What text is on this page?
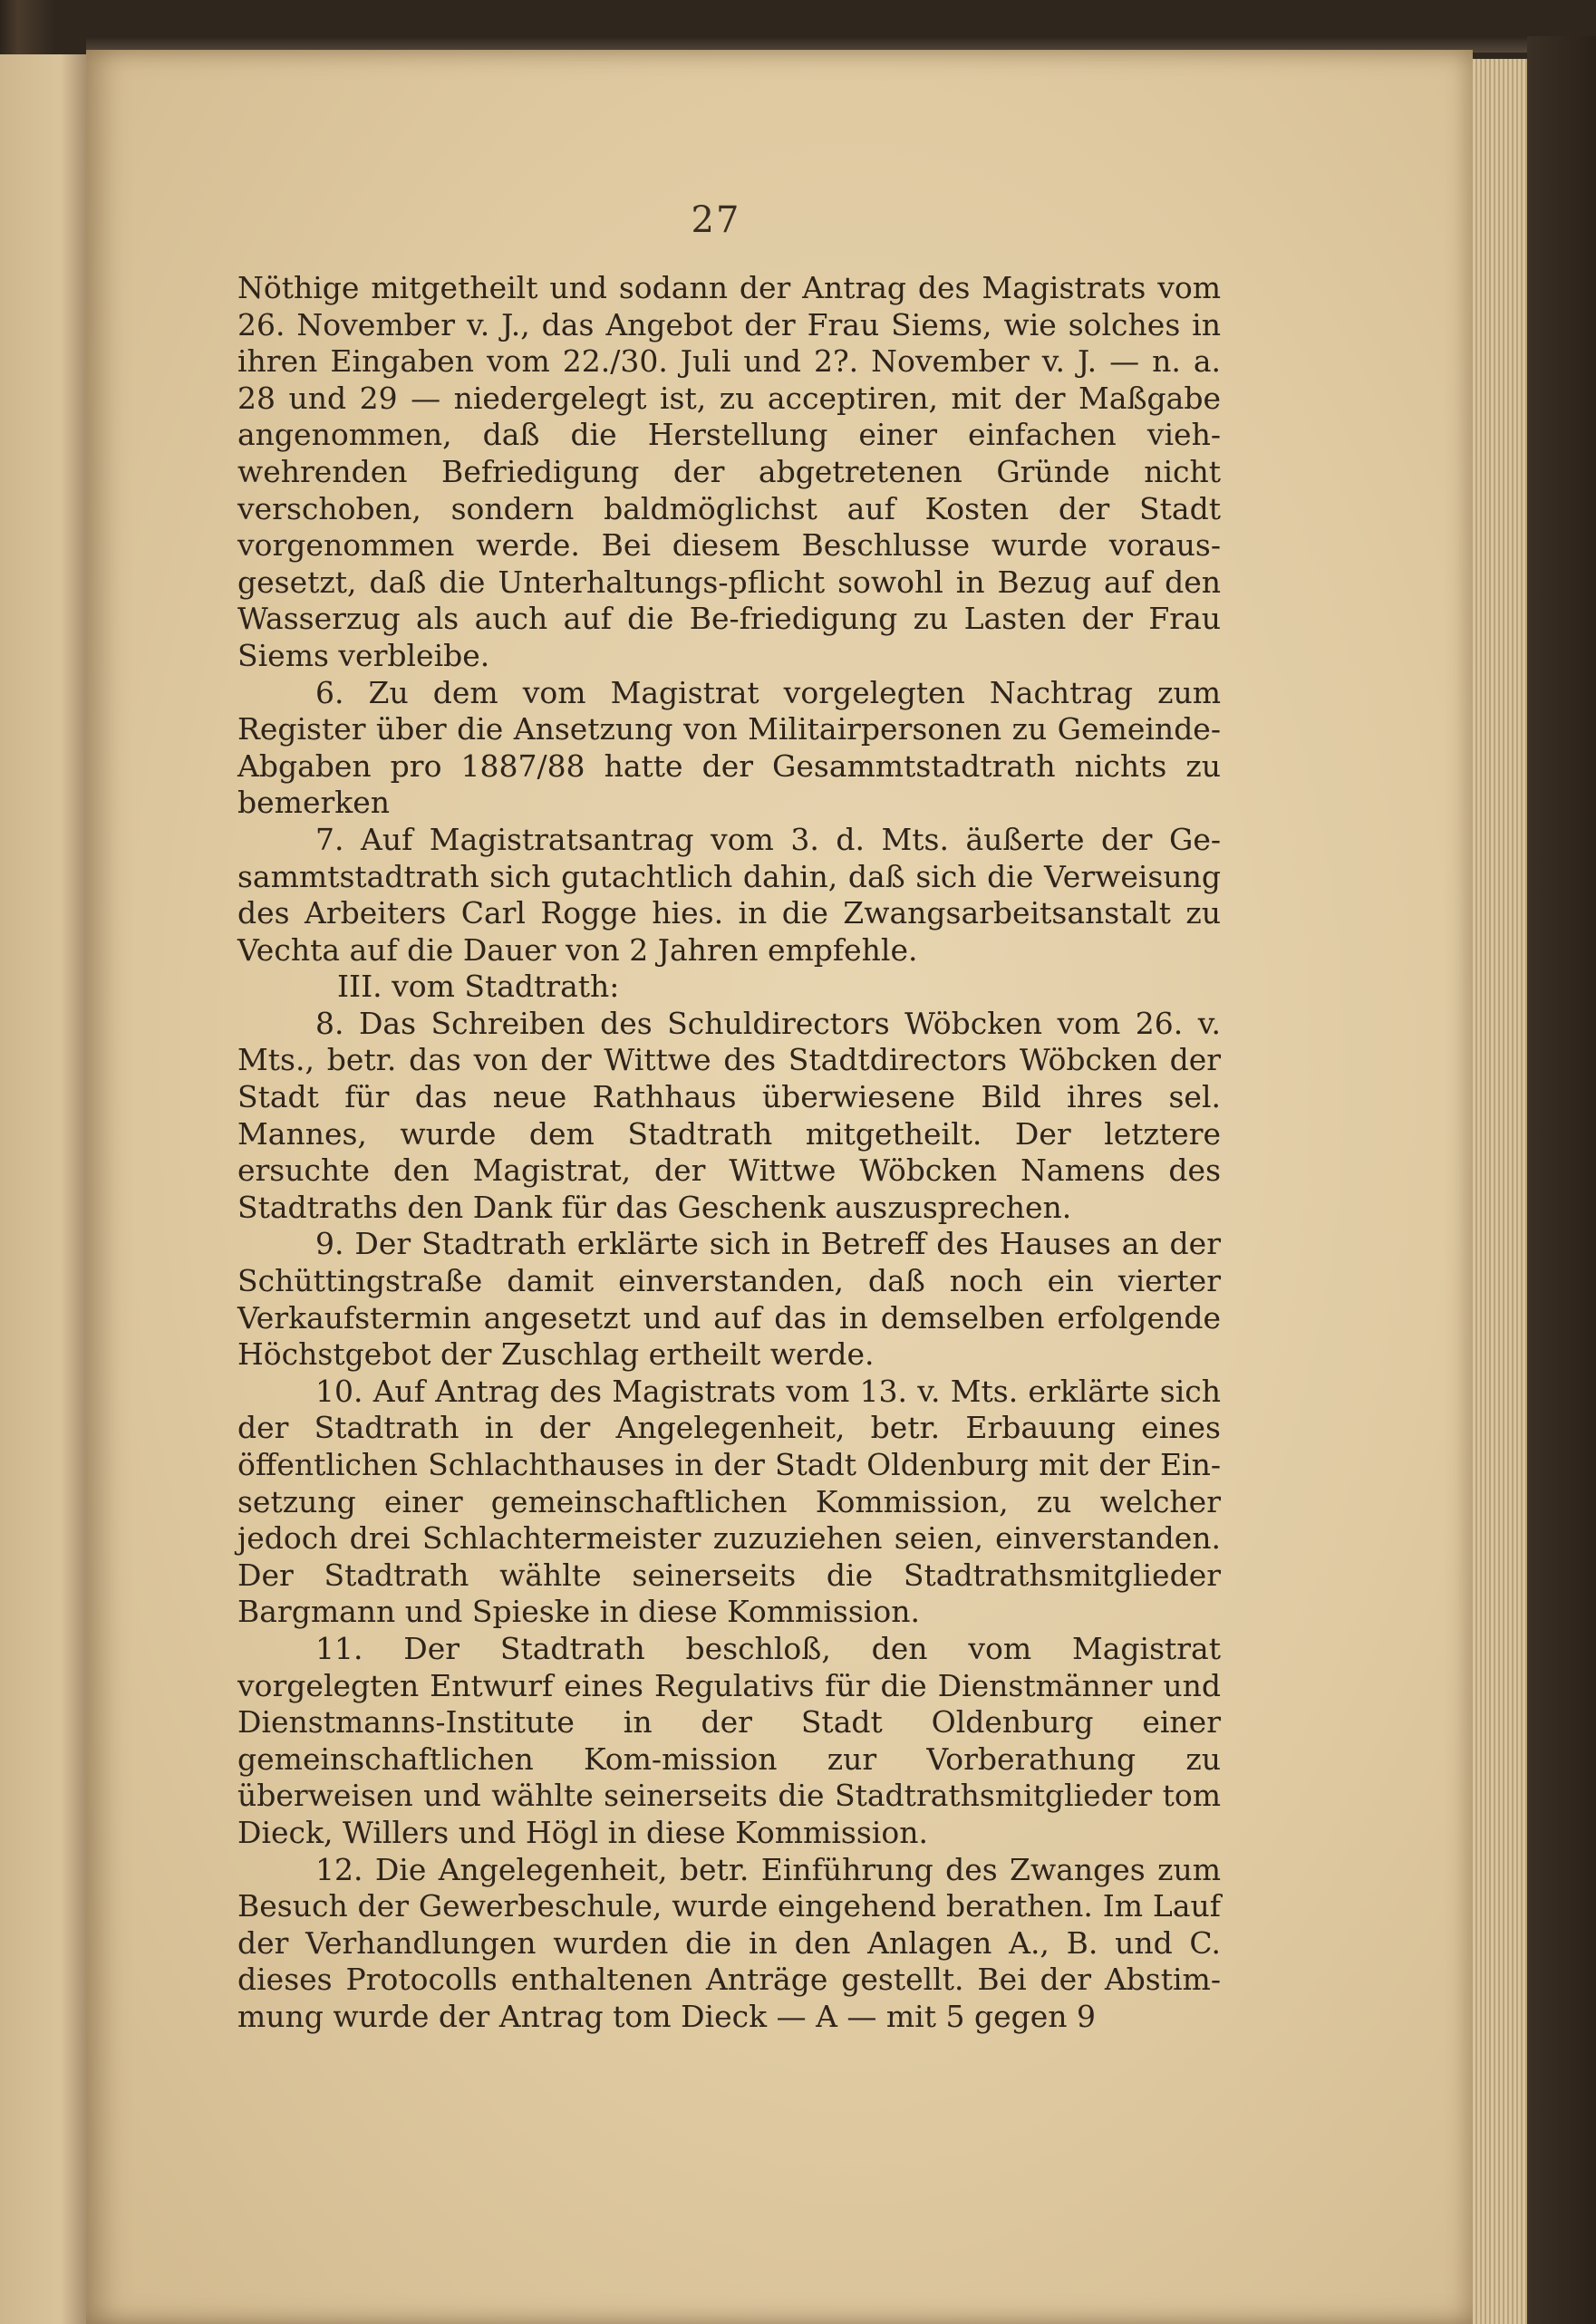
27

Nöthige mitgetheilt und sodann der Antrag des Magistrats vom 26. November v. J., das Angebot der Frau Siems, wie solches in ihren Eingaben vom 22./30. Juli und 2?. November v. J. — n. a. 28 und 29 — niedergelegt ist, zu acceptiren, mit der Maßgabe angenommen, daß die Herstellung einer einfachen vieh-wehrenden Befriedigung der abgetretenen Gründe nicht verschoben, sondern baldmöglichst auf Kosten der Stadt vorgenommen werde. Bei diesem Beschlusse wurde voraus-gesetzt, daß die Unterhaltungs-pflicht sowohl in Bezug auf den Wasserzug als auch auf die Be-friedigung zu Lasten der Frau Siems verbleibe.

6. Zu dem vom Magistrat vorgelegten Nachtrag zum Register über die Ansetzung von Militairpersonen zu Gemeinde-Abgaben pro 1887/88 hatte der Gesammtstadtrath nichts zu bemerken

7. Auf Magistratsantrag vom 3. d. Mts. äußerte der Ge-sammtstadtrath sich gutachtlich dahin, daß sich die Verweisung des Arbeiters Carl Rogge hies. in die Zwangsarbeitsanstalt zu Vechta auf die Dauer von 2 Jahren empfehle.

III. vom Stadtrath:

8. Das Schreiben des Schuldirectors Wöbcken vom 26. v. Mts., betr. das von der Wittwe des Stadtdirectors Wöbcken der Stadt für das neue Rathhaus überwiesene Bild ihres sel. Mannes, wurde dem Stadtrath mitgetheilt. Der letztere ersuchte den Magistrat, der Wittwe Wöbcken Namens des Stadtraths den Dank für das Geschenk auszusprechen.

9. Der Stadtrath erklärte sich in Betreff des Hauses an der Schüttingstraße damit einverstanden, daß noch ein vierter Verkaufstermin angesetzt und auf das in demselben erfolgende Höchstgebot der Zuschlag ertheilt werde.

10. Auf Antrag des Magistrats vom 13. v. Mts. erklärte sich der Stadtrath in der Angelegenheit, betr. Erbauung eines öffentlichen Schlachthauses in der Stadt Oldenburg mit der Ein-setzung einer gemeinschaftlichen Kommission, zu welcher jedoch drei Schlachtermeister zuzuziehen seien, einverstanden. Der Stadtrath wählte seinerseits die Stadtrathsmitglieder Bargmann und Spieske in diese Kommission.

11. Der Stadtrath beschloß, den vom Magistrat vorgelegten Entwurf eines Regulativs für die Dienstmänner und Dienstmanns-Institute in der Stadt Oldenburg einer gemeinschaftlichen Kom-mission zur Vorberathung zu überweisen und wählte seinerseits die Stadtrathsmitglieder tom Dieck, Willers und Högl in diese Kommission.

12. Die Angelegenheit, betr. Einführung des Zwanges zum Besuch der Gewerbeschule, wurde eingehend berathen. Im Lauf der Verhandlungen wurden die in den Anlagen A., B. und C. dieses Protocolls enthaltenen Anträge gestellt. Bei der Abstim-mung wurde der Antrag tom Dieck — A — mit 5 gegen 9
